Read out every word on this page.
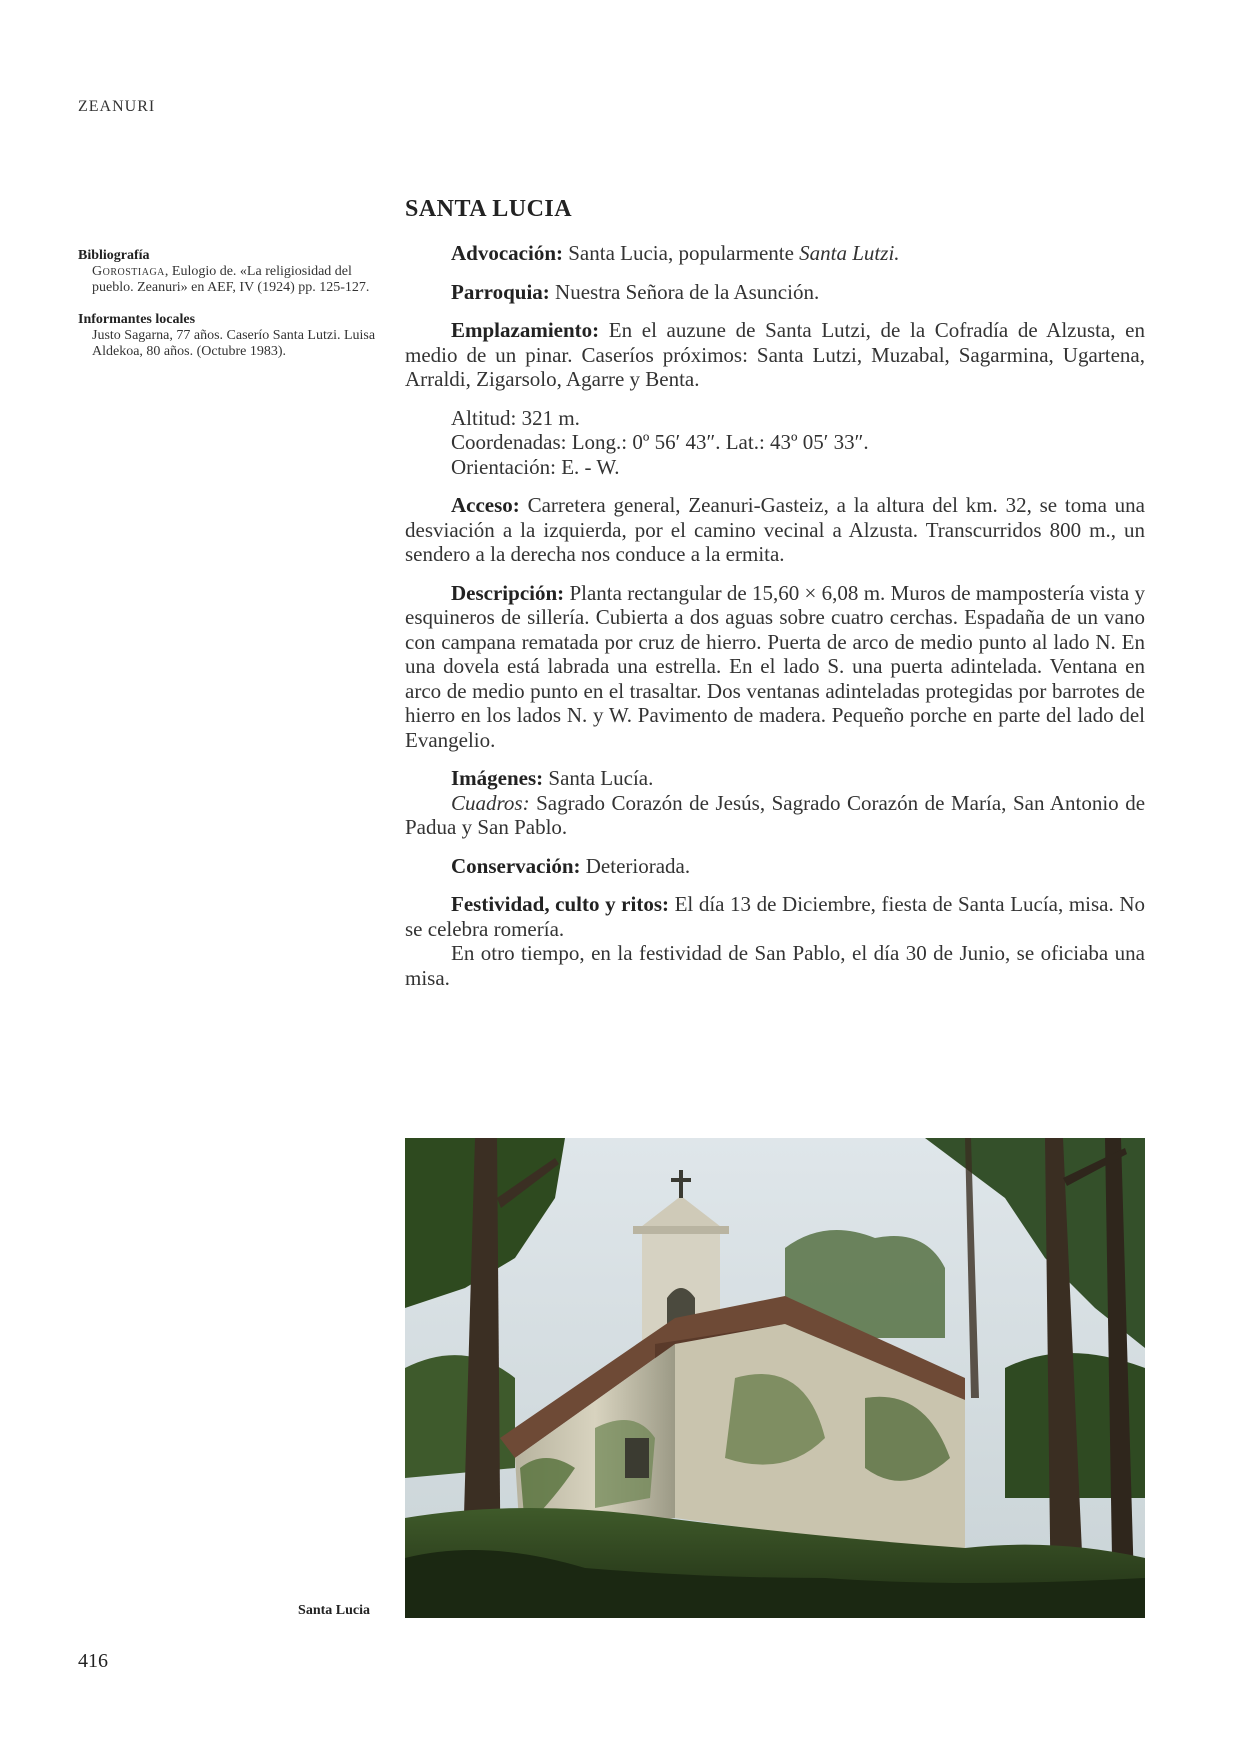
ZEANURI

Bibliografía

Gorostiaga, Eulogio de. «La religiosidad del pueblo. Zeanuri» en AEF, IV (1924) pp. 125-127.

Informantes locales

Justo Sagarna, 77 años. Caserío Santa Lutzi. Luisa Aldekoa, 80 años. (Octubre 1983).

SANTA LUCIA

Advocación: Santa Lucia, popularmente Santa Lutzi.

Parroquia: Nuestra Señora de la Asunción.

Emplazamiento: En el auzune de Santa Lutzi, de la Cofradía de Alzusta, en medio de un pinar. Caseríos próximos: Santa Lutzi, Muzabal, Sagarmina, Ugartena, Arraldi, Zigarsolo, Agarre y Benta.

Altitud: 321 m.
Coordenadas: Long.: 0º 56′ 43″. Lat.: 43º 05′ 33″.
Orientación: E. - W.

Acceso: Carretera general, Zeanuri-Gasteiz, a la altura del km. 32, se toma una desviación a la izquierda, por el camino vecinal a Alzusta. Transcurridos 800 m., un sendero a la derecha nos conduce a la ermita.

Descripción: Planta rectangular de 15,60 × 6,08 m. Muros de mampostería vista y esquineros de sillería. Cubierta a dos aguas sobre cuatro cerchas. Espadaña de un vano con campana rematada por cruz de hierro. Puerta de arco de medio punto al lado N. En una dovela está labrada una estrella. En el lado S. una puerta adintelada. Ventana en arco de medio punto en el trasaltar. Dos ventanas adinteladas protegidas por barrotes de hierro en los lados N. y W. Pavimento de madera. Pequeño porche en parte del lado del Evangelio.

Imágenes: Santa Lucía.

Cuadros: Sagrado Corazón de Jesús, Sagrado Corazón de María, San Antonio de Padua y San Pablo.

Conservación: Deteriorada.

Festividad, culto y ritos: El día 13 de Diciembre, fiesta de Santa Lucía, misa. No se celebra romería.

En otro tiempo, en la festividad de San Pablo, el día 30 de Junio, se oficiaba una misa.

Santa Lucia
416
